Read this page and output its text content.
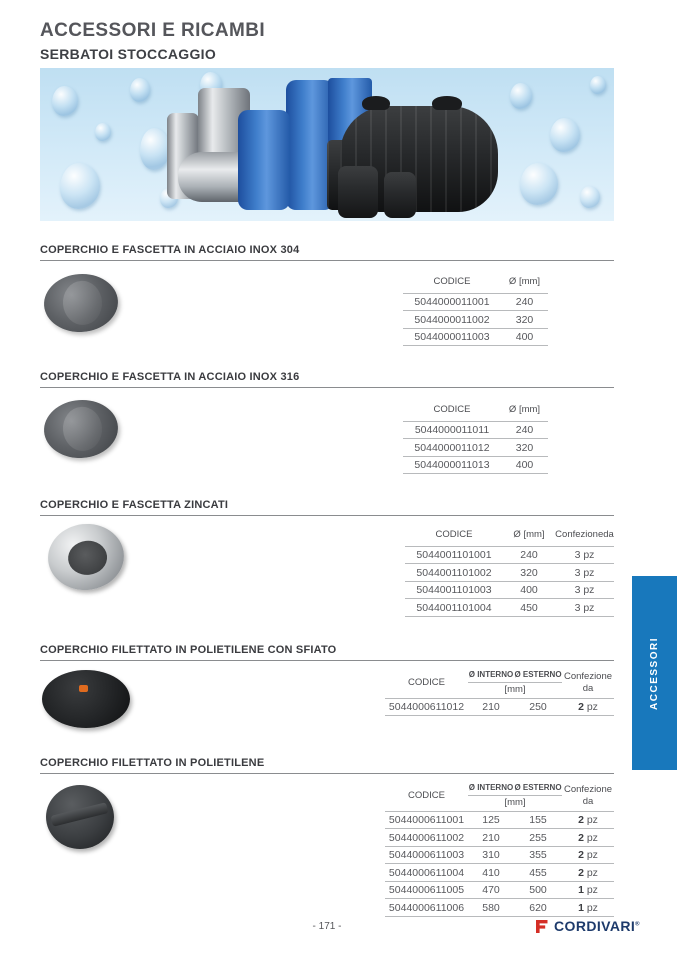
ACCESSORI E RICAMBI
SERBATOI STOCCAGGIO
COPERCHIO E FASCETTA IN ACCIAIO INOX 304
CODICE	Ø [mm]
5044000011001	240
5044000011002	320
5044000011003	400
COPERCHIO E FASCETTA IN ACCIAIO INOX 316
CODICE	Ø [mm]
5044000011011	240
5044000011012	320
5044000011013	400
COPERCHIO E FASCETTA ZINCATI
CODICE	Ø [mm]	Confezioneda
5044001101001	240	3 pz
5044001101002	320	3 pz
5044001101003	400	3 pz
5044001101004	450	3 pz
COPERCHIO FILETTATO IN POLIETILENE CON SFIATO
CODICE	Ø INTERNO	Ø ESTERNO	Confezione
da

	[mm]		
5044000611012	210	250	2 pz
COPERCHIO FILETTATO IN POLIETILENE
CODICE	Ø INTERNO	Ø ESTERNO	Confezione
da

	[mm]		
5044000611001	125	155	2 pz
5044000611002	210	255	2 pz
5044000611003	310	355	2 pz
5044000611004	410	455	2 pz
5044000611005	470	500	1 pz
5044000611006	580	620	1 pz
ACCESSORI
- 171 -	CORDIVARI®
